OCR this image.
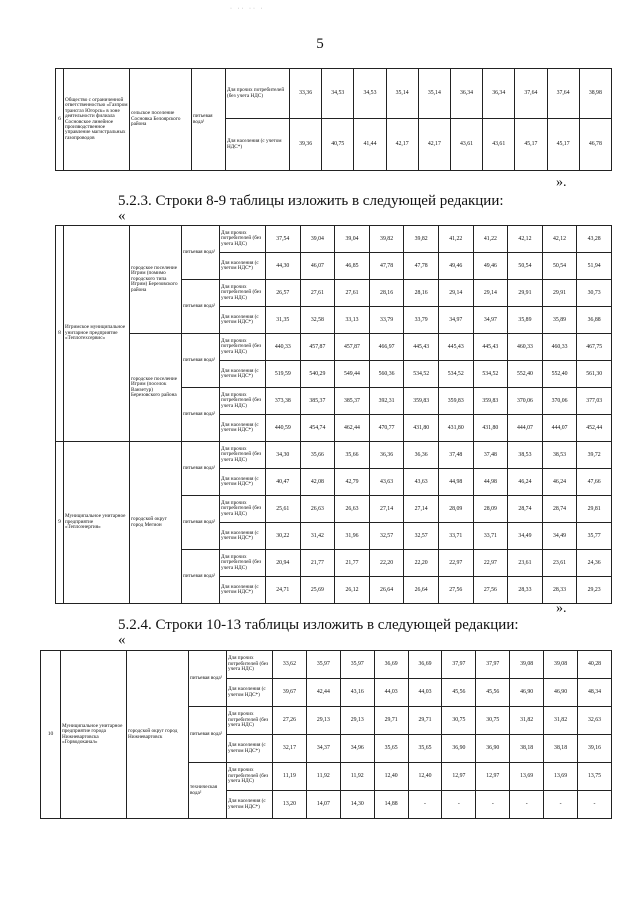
· ·· ·· ·
5
6	Общество с ограниченной ответственностью «Газпром трансгаз Югорск» в зоне деятельности филиала Сосновское линейное производственное управление магистральных газопроводов	сельское поселение Сосновка Белоярского района	питьевая вода¹	Для прочих потребителей (без учета НДС)	33,36	34,53	34,53	35,14	35,14	36,34	36,34	37,64	37,64	38,98
				Для населения (с учетом НДС*)	39,36	40,75	41,44	42,17	42,17	43,61	43,61	45,17	45,17	46,78
».
5.2.3. Строки 8-9 таблицы изложить в следующей редакции:
«
8	Игримское муниципальное унитарное предприятие «Теплотехсервис»	городское поселение Игрим (помимо городского типа Игрим) Березовского района	питьевая вода¹	Для прочих потребителей (без учета НДС)	37,54	39,04	39,04	39,82	39,82	41,22	41,22	42,12	42,12	43,28
				Для населения (с учетом НДС*)	44,30	46,07	46,85	47,78	47,78	49,46	49,46	50,54	50,54	51,94
			питьевая вода²	Для прочих потребителей (без учета НДС)	26,57	27,61	27,61	28,16	28,16	29,14	29,14	29,91	29,91	30,73
				Для населения (с учетом НДС*)	31,35	32,58	33,13	33,79	33,79	34,97	34,97	35,89	35,89	36,88
		городское поселение Игрим (поселок Ванзетур) Березовского района	питьевая вода¹	Для прочих потребителей (без учета НДС)	440,33	457,87	457,87	466,97	445,43	445,43	445,43	460,33	460,33	467,75
				Для населения (с учетом НДС*)	519,59	540,29	549,44	560,36	534,52	534,52	534,52	552,40	552,40	561,30
			питьевая вода²	Для прочих потребителей (без учета НДС)	373,38	385,37	385,37	392,31	359,83	359,83	359,83	370,06	370,06	377,03
				Для населения (с учетом НДС*)	440,59	454,74	462,44	470,77	431,80	431,80	431,80	444,07	444,07	452,44
9	Муниципальное унитарное предприятие «Теплоэнергия»	городской округ город Мегион	питьевая вода¹	Для прочих потребителей (без учета НДС)	34,30	35,66	35,66	36,36	36,36	37,48	37,48	38,53	38,53	39,72
				Для населения (с учетом НДС*)	40,47	42,08	42,79	43,63	43,63	44,98	44,98	46,24	46,24	47,66
			питьевая вода²	Для прочих потребителей (без учета НДС)	25,61	26,63	26,63	27,14	27,14	28,09	28,09	28,74	28,74	29,81
				Для населения (с учетом НДС*)	30,22	31,42	31,96	32,57	32,57	33,71	33,71	34,49	34,49	35,77
			питьевая вода²	Для прочих потребителей (без учета НДС)	20,94	21,77	21,77	22,20	22,20	22,97	22,97	23,61	23,61	24,36
				Для населения (с учетом НДС*)	24,71	25,69	26,12	26,64	26,64	27,56	27,56	28,33	28,33	29,23
».
5.2.4. Строки 10-13 таблицы изложить в следующей редакции:
«
10	Муниципальное унитарное предприятие города Нижневартовска «Горводоканал»	городской округ город Нижневартовск	питьевая вода¹	Для прочих потребителей (без учета НДС)	33,62	35,97	35,97	36,69	36,69	37,97	37,97	39,08	39,08	40,28
				Для населения (с учетом НДС*)	39,67	42,44	43,16	44,03	44,03	45,56	45,56	46,90	46,90	48,34
			питьевая вода²	Для прочих потребителей (без учета НДС)	27,26	29,13	29,13	29,71	29,71	30,75	30,75	31,82	31,82	32,63
				Для населения (с учетом НДС*)	32,17	34,37	34,96	35,65	35,65	36,90	36,90	38,18	38,18	39,16
			техническая вода²	Для прочих потребителей (без учета НДС)	11,19	11,92	11,92	12,40	12,40	12,97	12,97	13,69	13,69	13,75
				Для населения (с учетом НДС*)	13,20	14,07	14,30	14,88	-	-	-	-	-	-
